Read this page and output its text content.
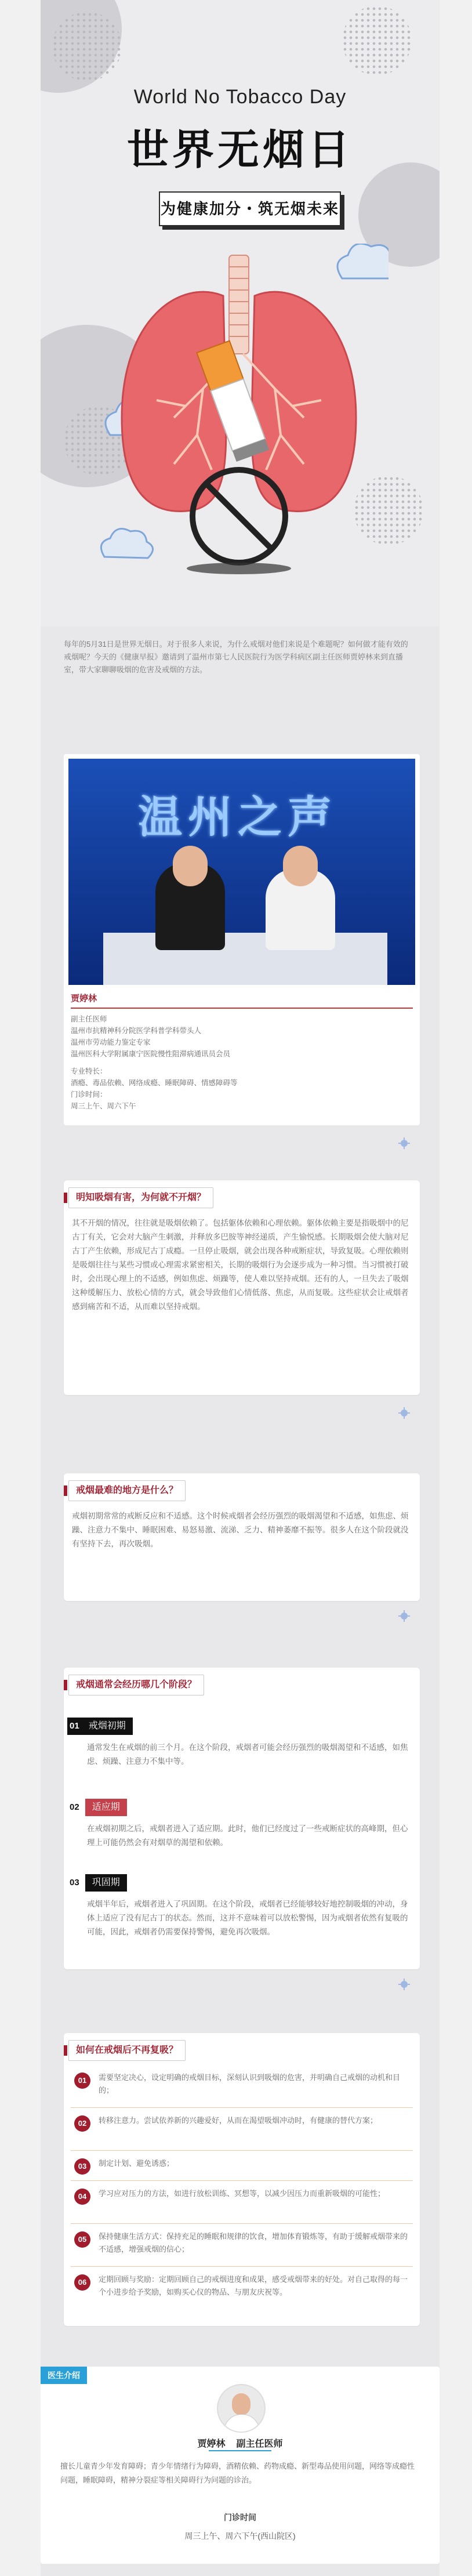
World No Tobacco Day
世界无烟日
为健康加分・筑无烟未来
每年的5月31日是世界无烟日。对于很多人来说，为什么戒烟对他们来说是个难题呢？如何做才能有效的戒烟呢？今天的《健康早报》邀请到了温州市第七人民医院行为医学科病区副主任医师贾婷林来到直播室，带大家聊聊吸烟的危害及戒烟的方法。
温州之声
贾婷林
副主任医师
温州市抗精神科分院医学科普学科带头人
温州市劳动能力鉴定专家
温州医科大学附属康宁医院慢性阻滞病通讯员会员
专业特长：
酒瘾、毒品依赖、网络成瘾、睡眠障碍、情感障碍等
门诊时间：
周三上午、周六下午
明知吸烟有害，为何就不开烟？
其不开烟的情况，往往就是吸烟依赖了。包括躯体依赖和心理依赖。躯体依赖主要是指吸烟中的尼古丁有关，它会对大脑产生刺激，并释放多巴胺等神经递质，产生愉悦感。长期吸烟会使大脑对尼古丁产生依赖，形成尼古丁成瘾。一旦停止吸烟，就会出现各种戒断症状，导致复吸。心理依赖则是吸烟往往与某些习惯或心理需求紧密相关，长期的吸烟行为会逐步成为一种习惯。当习惯被打破时，会出现心理上的不适感，例如焦虑、烦躁等，使人难以坚持戒烟。还有的人，一旦失去了吸烟这种缓解压力、放松心情的方式，就会导致他们心情低落、焦虑，从而复吸。这些症状会让戒烟者感到痛苦和不适，从而难以坚持戒烟。
戒烟最难的地方是什么？
戒烟初期常常的戒断反应和不适感。这个时候戒烟者会经历强烈的吸烟渴望和不适感，如焦虑、烦躁、注意力不集中、睡眠困难、易怒易激、流涕、乏力、精神萎靡不振等。很多人在这个阶段就没有坚持下去，再次吸烟。
戒烟通常会经历哪几个阶段？
01 戒烟初期
通常发生在戒烟的前三个月。在这个阶段，戒烟者可能会经历强烈的吸烟渴望和不适感，如焦虑、烦躁、注意力不集中等。
02 适应期
在戒烟初期之后，戒烟者进入了适应期。此时，他们已经度过了一些戒断症状的高峰期，但心理上可能仍然会有对烟草的渴望和依赖。
03 巩固期
戒烟半年后，戒烟者进入了巩固期。在这个阶段，戒烟者已经能够较好地控制吸烟的冲动，身体上适应了没有尼古丁的状态。然而，这并不意味着可以放松警惕，因为戒烟者依然有复吸的可能，因此，戒烟者仍需要保持警惕，避免再次吸烟。
如何在戒烟后不再复吸？
01	需要坚定决心，设定明确的戒烟目标，深刻认识到吸烟的危害，并明确自己戒烟的动机和目的；
02	转移注意力。尝试依养新的兴趣爱好，从而在渴望吸烟冲动时，有健康的替代方案；
03	制定计划、避免诱惑；
04	学习应对压力的方法，如进行放松训练、冥想等，以减少因压力而重新吸烟的可能性；
05	保持健康生活方式：保持充足的睡眠和规律的饮食，增加体育锻炼等，有助于缓解戒烟带来的不适感，增强戒烟的信心；
06	定期回顾与奖励：定期回顾自己的戒烟进度和成果，感受戒烟带来的好处。对自己取得的每一个小进步给予奖励，如购买心仪的物品、与朋友庆祝等。
医生介绍
贾婷林 副主任医师
擅长儿童青少年发育障碍；青少年情绪行为障碍，酒精依赖、药物成瘾、新型毒品使用问题，网络等成瘾性问题，睡眠障碍，精神分裂症等相关障碍行为问题的诊治。
门诊时间
周三上午、周六下午(西山院区)
